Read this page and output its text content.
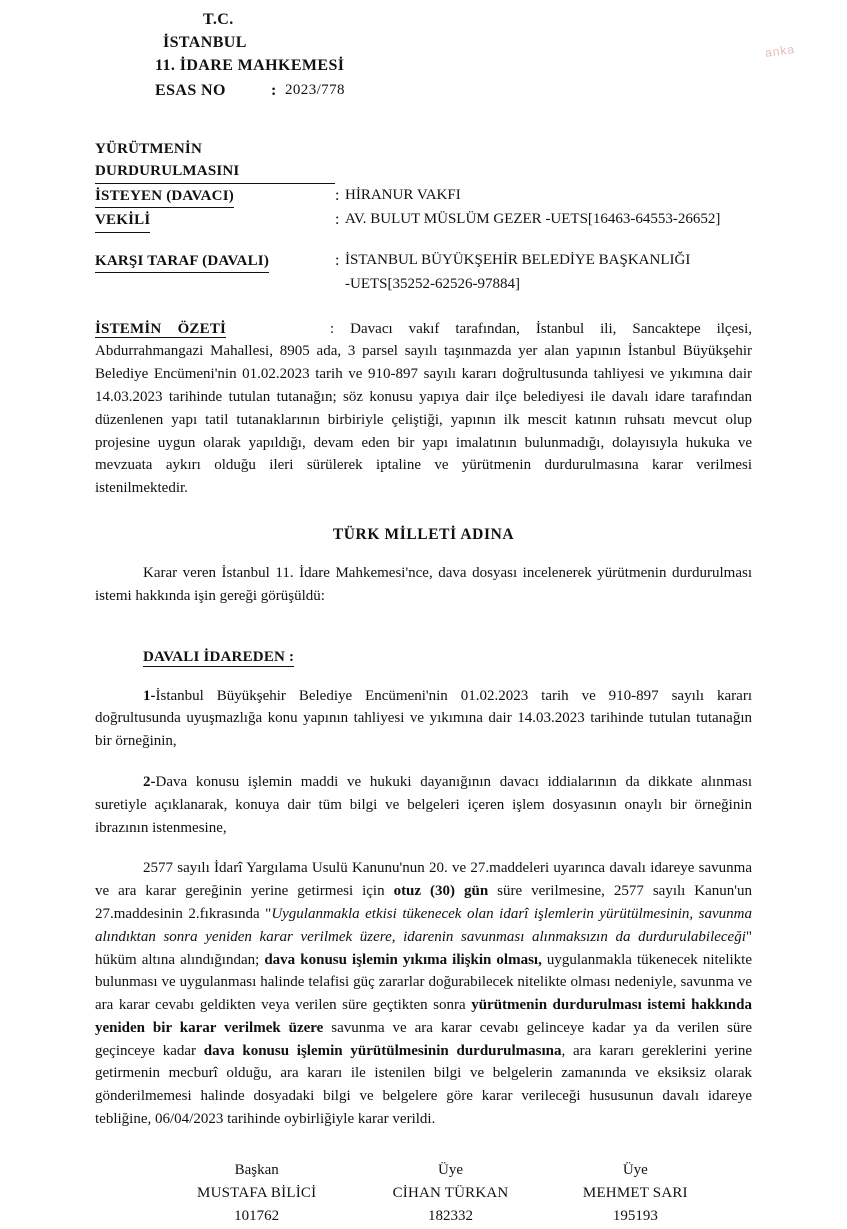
anka
T.C.
İSTANBUL
11. İDARE MAHKEMESİ
ESAS NO	: 2023/778
YÜRÜTMENİN DURDURULMASINI
İSTEYEN (DAVACI)	: HİRANUR VAKFI
VEKİLİ	: AV. BULUT MÜSLÜM GEZER -UETS[16463-64553-26652]
KARŞI TARAF (DAVALI)	: İSTANBUL BÜYÜKŞEHİR BELEDİYE BAŞKANLIĞI
-UETS[35252-62526-97884]

İSTEMİN ÖZETİ	: Davacı vakıf tarafından, İstanbul ili, Sancaktepe ilçesi, Abdurrahmangazi Mahallesi, 8905 ada, 3 parsel sayılı taşınmazda yer alan yapının İstanbul Büyükşehir Belediye Encümeni'nin 01.02.2023 tarih ve 910-897 sayılı kararı doğrultusunda tahliyesi ve yıkımına dair 14.03.2023 tarihinde tutulan tutanağın; söz konusu yapıya dair ilçe belediyesi ile davalı idare tarafından düzenlenen yapı tatil tutanaklarının birbiriyle çeliştiği, yapının ilk mescit katının ruhsatı mevcut olup projesine uygun olarak yapıldığı, devam eden bir yapı imalatının bulunmadığı, dolayısıyla hukuka ve mevzuata aykırı olduğu ileri sürülerek iptaline ve yürütmenin durdurulmasına karar verilmesi istenilmektedir.

TÜRK MİLLETİ ADINA

Karar veren İstanbul 11. İdare Mahkemesi'nce, dava dosyası incelenerek yürütmenin durdurulması istemi hakkında işin gereği görüşüldü:

DAVALI İDAREDEN :

1-İstanbul Büyükşehir Belediye Encümeni'nin 01.02.2023 tarih ve 910-897 sayılı kararı doğrultusunda uyuşmazlığa konu yapının tahliyesi ve yıkımına dair 14.03.2023 tarihinde tutulan tutanağın bir örneğinin,

2-Dava konusu işlemin maddi ve hukuki dayanığının davacı iddialarının da dikkate alınması suretiyle açıklanarak, konuya dair tüm bilgi ve belgeleri içeren işlem dosyasının onaylı bir örneğinin ibrazının istenmesine,

2577 sayılı İdarî Yargılama Usulü Kanunu'nun 20. ve 27.maddeleri uyarınca davalı idareye savunma ve ara karar gereğinin yerine getirmesi için otuz (30) gün süre verilmesine, 2577 sayılı Kanun'un 27.maddesinin 2.fıkrasında "Uygulanmakla etkisi tükenecek olan idarî işlemlerin yürütülmesinin, savunma alındıktan sonra yeniden karar verilmek üzere, idarenin savunması alınmaksızın da durdurulabileceği" hüküm altına alındığından; dava konusu işlemin yıkıma ilişkin olması, uygulanmakla tükenecek nitelikte bulunması ve uygulanması halinde telafisi güç zararlar doğurabilecek nitelikte olması nedeniyle, savunma ve ara karar cevabı geldikten veya verilen süre geçtikten sonra yürütmenin durdurulması istemi hakkında yeniden bir karar verilmek üzere savunma ve ara karar cevabı gelinceye kadar ya da verilen süre geçinceye kadar dava konusu işlemin yürütülmesinin durdurulmasına, ara kararı gereklerini yerine getirmenin mecburî olduğu, ara kararı ile istenilen bilgi ve belgelerin zamanında ve eksiksiz olarak gönderilmemesi halinde dosyadaki bilgi ve belgelere göre karar verileceği hususunun davalı idareye tebliğine, 06/04/2023 tarihinde oybirliğiyle karar verildi.

Başkan
MUSTAFA BİLİCİ
101762
Üye
CİHAN TÜRKAN
182332
Üye
MEHMET SARI
195193
